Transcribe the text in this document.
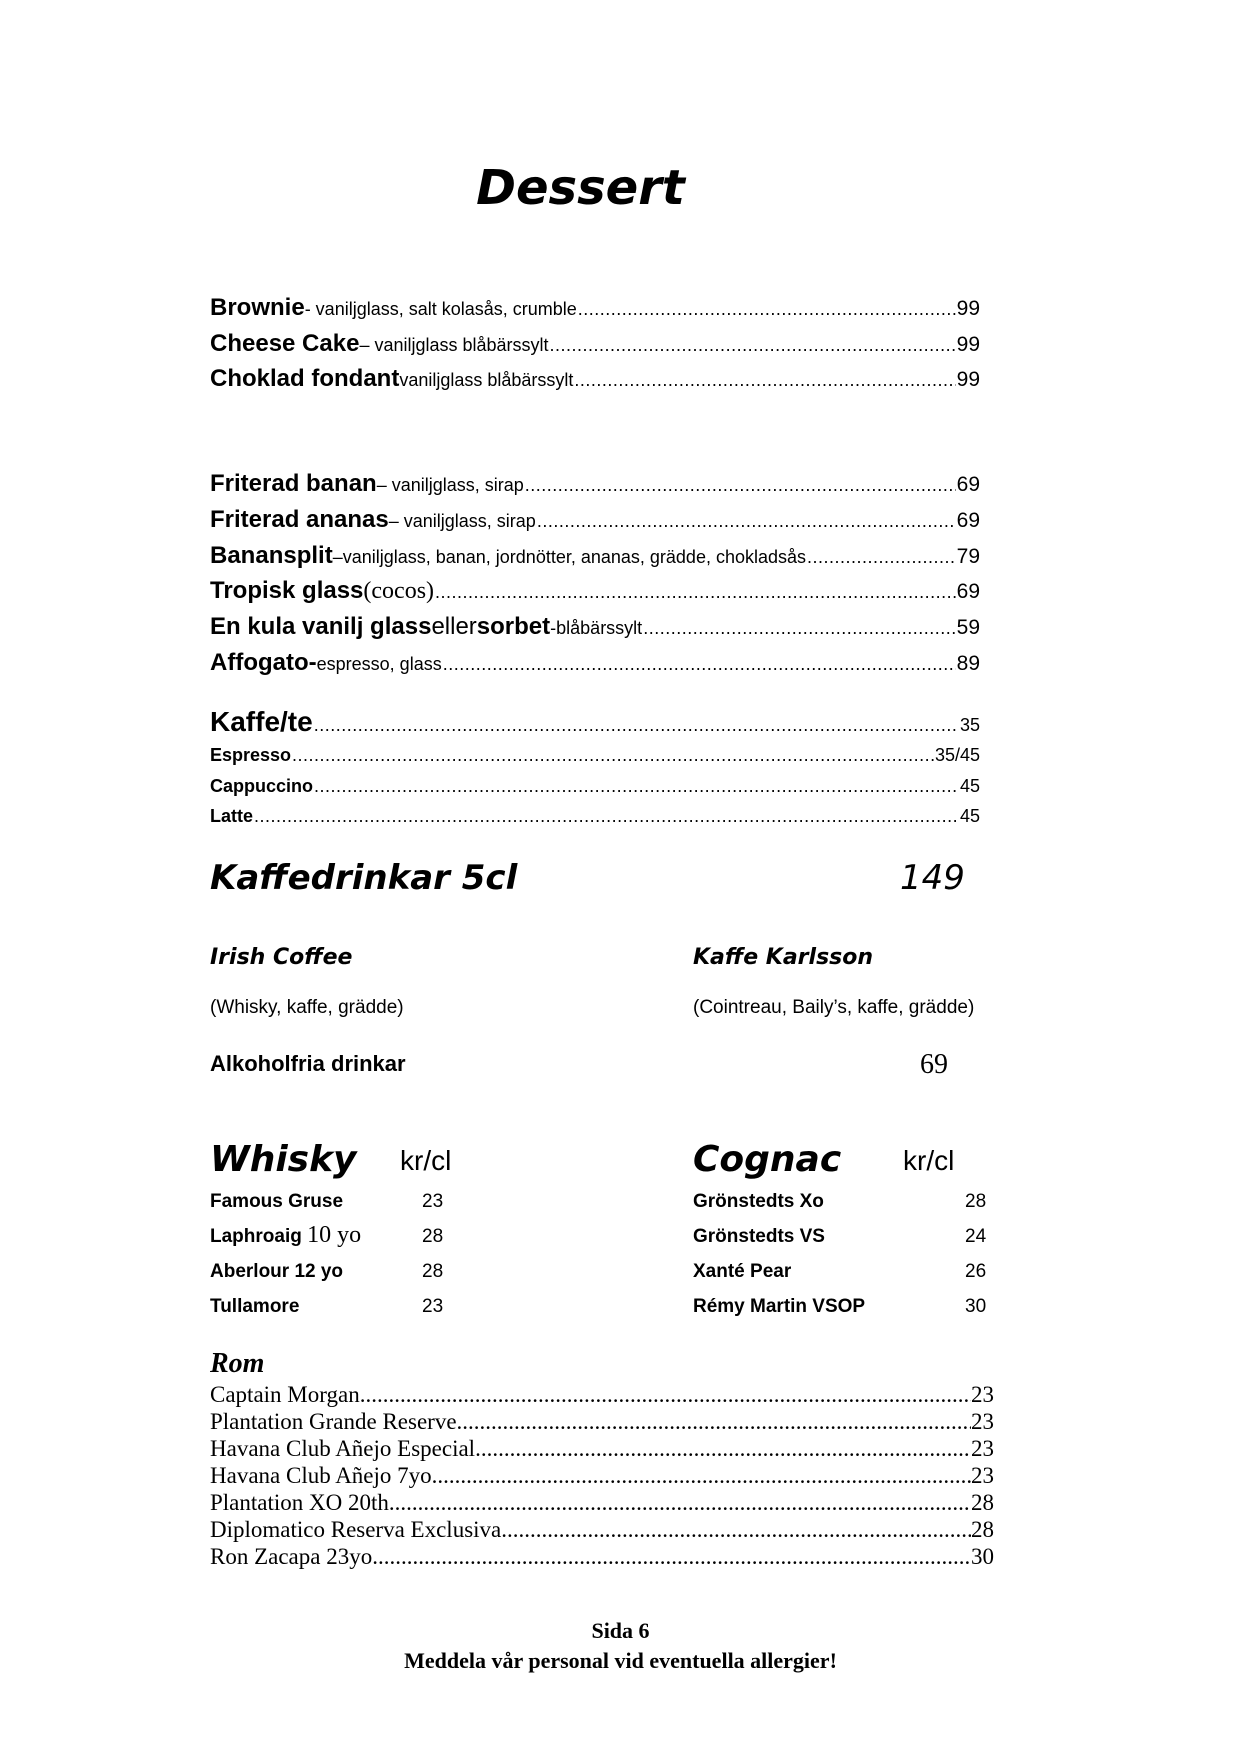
Dessert
Brownie - vaniljglass, salt kolasås, crumble .....	99
Cheese Cake – vaniljglass blåbärssylt .....	99
Choklad fondant vaniljglass blåbärssylt .....	99
Friterad banan – vaniljglass, sirap .....	69
Friterad ananas – vaniljglass, sirap .....	69
Banansplit –vaniljglass, banan, jordnötter, ananas, grädde, chokladsås .....	79
Tropisk glass (cocos) .....	69
En kula vanilj glass eller sorbet -blåbärssylt .....	59
Affogato- espresso, glass .....	89
Kaffe/te .....	35
Espresso .....	35/45
Cappuccino .....	45
Latte .....	45
Kaffedrinkar 5cl	149
Irish Coffee	Kaffe Karlsson
(Whisky, kaffe, grädde)	(Cointreau, Baily’s, kaffe, grädde)
Alkoholfria drinkar	69
Whisky kr/cl
Famous Gruse	23
Laphroaig 10 yo	28
Aberlour 12 yo	28
Tullamore	23
Cognac kr/cl
Grönstedts Xo	28
Grönstedts VS	24
Xanté Pear	26
Rémy Martin VSOP	30
Rom
Captain Morgan .....	23
Plantation Grande Reserve .....	23
Havana Club Añejo Especial .....	23
Havana Club Añejo 7yo .....	23
Plantation XO 20th .....	28
Diplomatico Reserva Exclusiva .....	28
Ron Zacapa 23yo .....	30
Sida 6
Meddela vår personal vid eventuella allergier!
